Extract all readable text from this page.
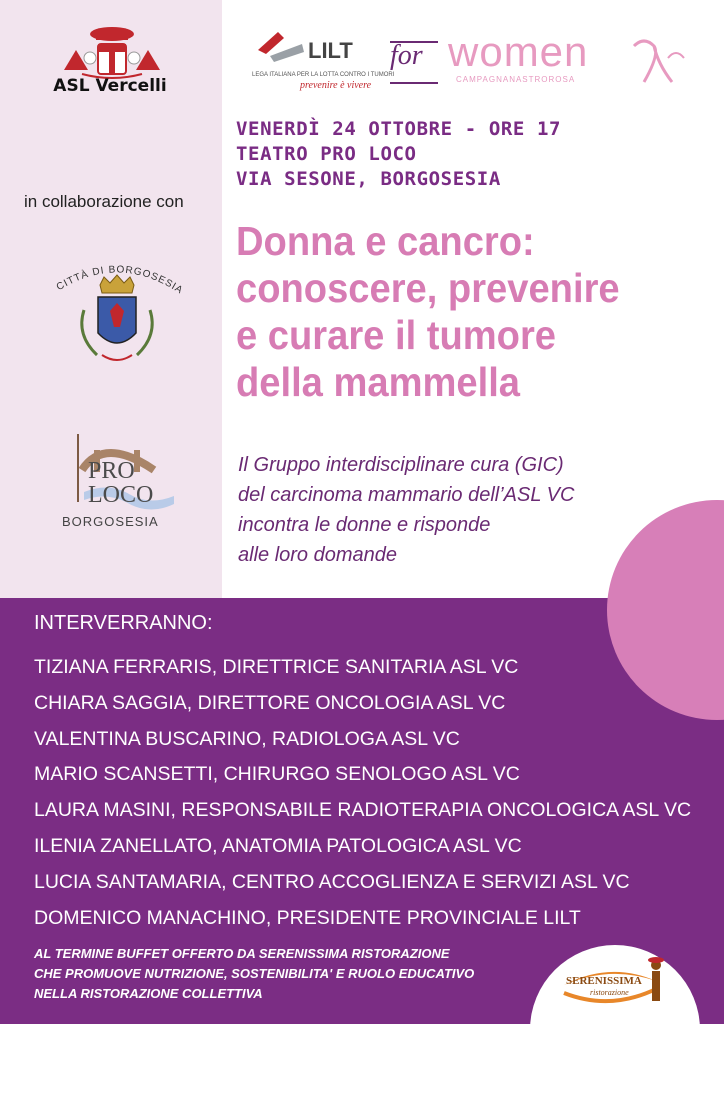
ASL Vercelli
in collaborazione con
CITTÀ DI BORGOSESIA
PRO
LOCO
BORGOSESIA
LILT
LEGA ITALIANA PER LA LOTTA CONTRO I TUMORI
prevenire è vivere
for women
CAMPAGNANASTROROSA
VENERDÌ 24 OTTOBRE - ORE 17
TEATRO PRO LOCO
VIA SESONE, BORGOSESIA
Donna e cancro:
conoscere, prevenire
e curare il tumore
della mammella
Il Gruppo interdisciplinare cura (GIC)
del carcinoma mammario dell’ASL VC
incontra le donne e risponde
alle loro domande
INTERVERRANNO:
TIZIANA FERRARIS, DIRETTRICE SANITARIA ASL VC
CHIARA SAGGIA, DIRETTORE ONCOLOGIA ASL VC
VALENTINA BUSCARINO, RADIOLOGA ASL VC
MARIO SCANSETTI, CHIRURGO SENOLOGO ASL VC
LAURA MASINI, RESPONSABILE RADIOTERAPIA ONCOLOGICA ASL VC
ILENIA ZANELLATO, ANATOMIA PATOLOGICA ASL VC
LUCIA SANTAMARIA, CENTRO ACCOGLIENZA E SERVIZI ASL VC
DOMENICO MANACHINO, PRESIDENTE PROVINCIALE LILT
AL TERMINE BUFFET OFFERTO DA SERENISSIMA RISTORAZIONE
CHE PROMUOVE NUTRIZIONE, SOSTENIBILITA' E RUOLO EDUCATIVO
NELLA RISTORAZIONE COLLETTIVA
SERENISSIMA
ristorazione
